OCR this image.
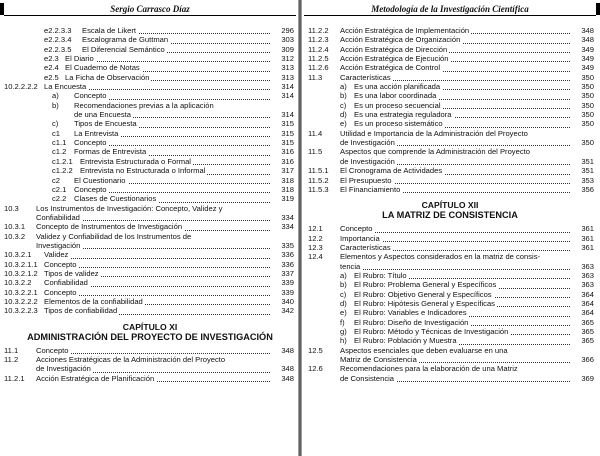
Sergio Carrasco Díaz
e2.2.3.3 Escala de Likert	296
e2.2.3.4 Escalograma de Guttman	303
e2.2.3.5 El Diferencial Semántico	309
e2.3 El Diario	312
e2.4 El Cuaderno de Notas	313
e2.5 La Ficha de Observación	313
10.2.2.2.2 La Encuesta	314
a) Concepto	314
b) Recomendaciones previas a la aplicación
de una Encuesta	314
c) Tipos de Encuesta	315
c1 La Entrevista	315
c1.1 Concepto	315
c1.2 Formas de Entrevista	316
c1.2.1 Entrevista Estructurada o Formal	316
c1.2.2 Entrevista no Estructurada o Informal	317
c2 El Cuestionario	318
c2.1 Concepto	318
c2.2 Clases de Cuestionarios	319
10.3 Los Instrumentos de Investigación: Concepto, Validez y
Confiabilidad	334
10.3.1 Concepto de Instrumentos de Investigación	334
10.3.2 Validez y Confiabilidad de los Instrumentos de
Investigación	335
10.3.2.1 Validez	336
10.3.2.1.1 Concepto	336
10.3.2.1.2 Tipos de validez	337
10.3.2.2 Confiabilidad	339
10.3.2.2.1 Concepto	339
10.3.2.2.2 Elementos de la confiabilidad	340
10.3.2.2.3 Tipos de confiabilidad	342
CAPÍTULO XI
ADMINISTRACIÓN DEL PROYECTO DE INVESTIGACIÓN
11.1 Concepto	348
11.2 Acciones Estratégicas de la Administración del Proyecto
de Investigación	348
11.2.1 Acción Estratégica de Planificación	348
Metodología de la Investigación Científica
11.2.2 Acción Estratégica de Implementación	348
11.2.3 Acción Estratégica de Organización	348
11.2.4 Acción Estratégica de Dirección	349
11.2.5 Acción Estratégica de Ejecución	349
11.2.6 Acción Estratégica de Control	349
11.3 Características	350
a) Es una acción planificada	350
b) Es una labor coordinada	350
c) Es un proceso secuencial	350
d) Es una estrategia reguladora	350
e) Es un proceso sistemático	350
11.4 Utilidad e Importancia de la Administración del Proyecto
de Investigación	350
11.5 Aspectos que comprende la Administración del Proyecto
de Investigación	351
11.5.1 El Cronograma de Actividades	351
11.5.2 El Presupuesto	353
11.5.3 El Financiamiento	356
CAPÍTULO XII
LA MATRIZ DE CONSISTENCIA
12.1 Concepto	361
12.2 Importancia	361
12.3 Características	361
12.4 Elementos y Aspectos considerados en la matriz de consis-
tencia	363
a) El Rubro: Título	363
b) El Rubro: Problema General y Específicos	363
c) El Rubro: Objetivo General y Específicos	364
d) El Rubro: Hipótesis General y Específicas	364
e) El Rubro: Variables e Indicadores	364
f) El Rubro: Diseño de Investigación	365
g) El Rubro: Método y Técnicas de Investigación	365
h) El Rubro: Población y Muestra	365
12.5 Aspectos esenciales que deben evaluarse en una
Matriz de Consistencia	366
12.6 Recomendaciones para la elaboración de una Matriz
de Consistencia	369
